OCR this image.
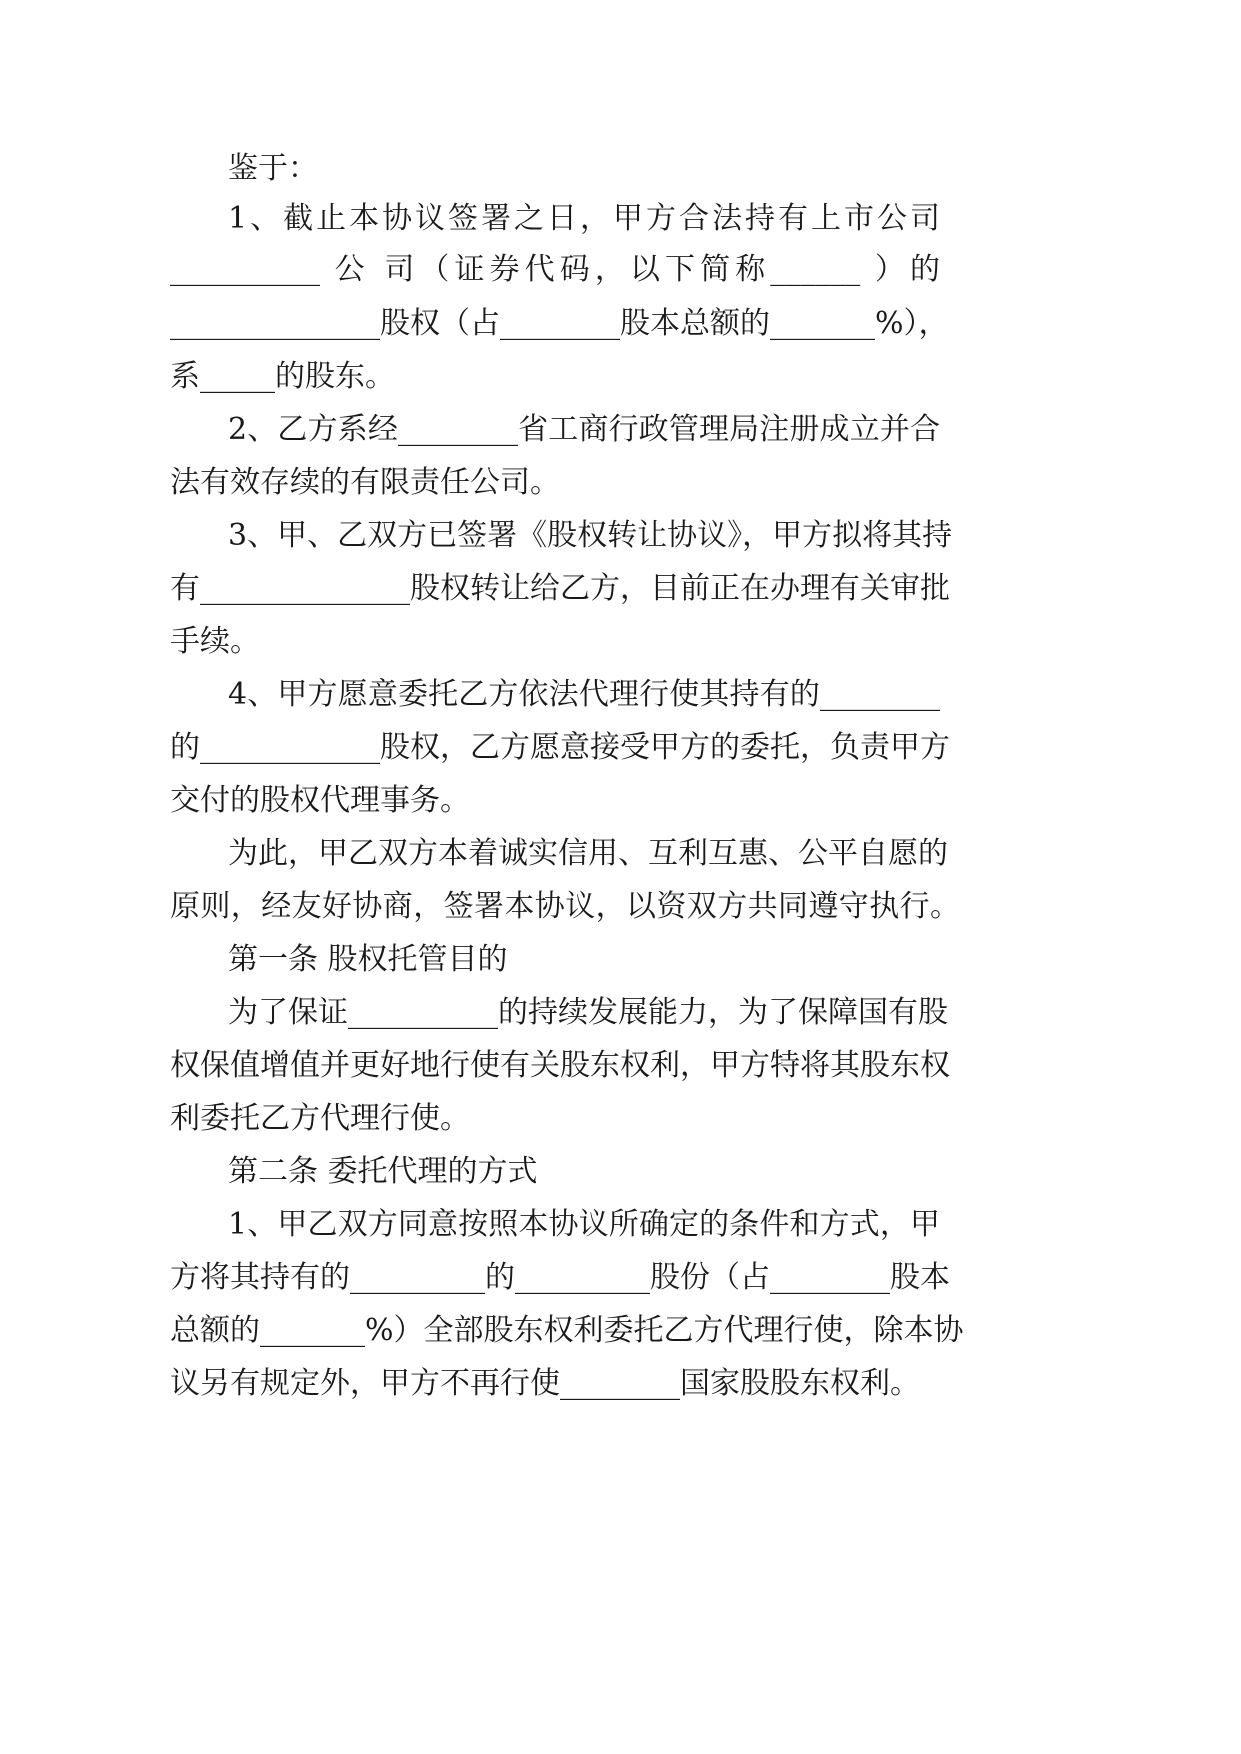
鉴于：
1、截止本协议签署之日，甲方合法持有上市公司
__________ 公 司（证券代码，以下简称______ ）的
______________股权（占________股本总额的_______%），
系_____的股东。
2、乙方系经________省工商行政管理局注册成立并合
法有效存续的有限责任公司。
3、甲、乙双方已签署《股权转让协议》，甲方拟将其持
有______________股权转让给乙方，目前正在办理有关审批
手续。
4、甲方愿意委托乙方依法代理行使其持有的________
的____________股权，乙方愿意接受甲方的委托，负责甲方
交付的股权代理事务。
为此，甲乙双方本着诚实信用、互利互惠、公平自愿的
原则，经友好协商，签署本协议，以资双方共同遵守执行。
第一条 股权托管目的
为了保证__________的持续发展能力，为了保障国有股
权保值增值并更好地行使有关股东权利，甲方特将其股东权
利委托乙方代理行使。
第二条 委托代理的方式
1、甲乙双方同意按照本协议所确定的条件和方式，甲
方将其持有的_________的_________股份（占________股本
总额的_______%）全部股东权利委托乙方代理行使，除本协
议另有规定外，甲方不再行使________国家股股东权利。
